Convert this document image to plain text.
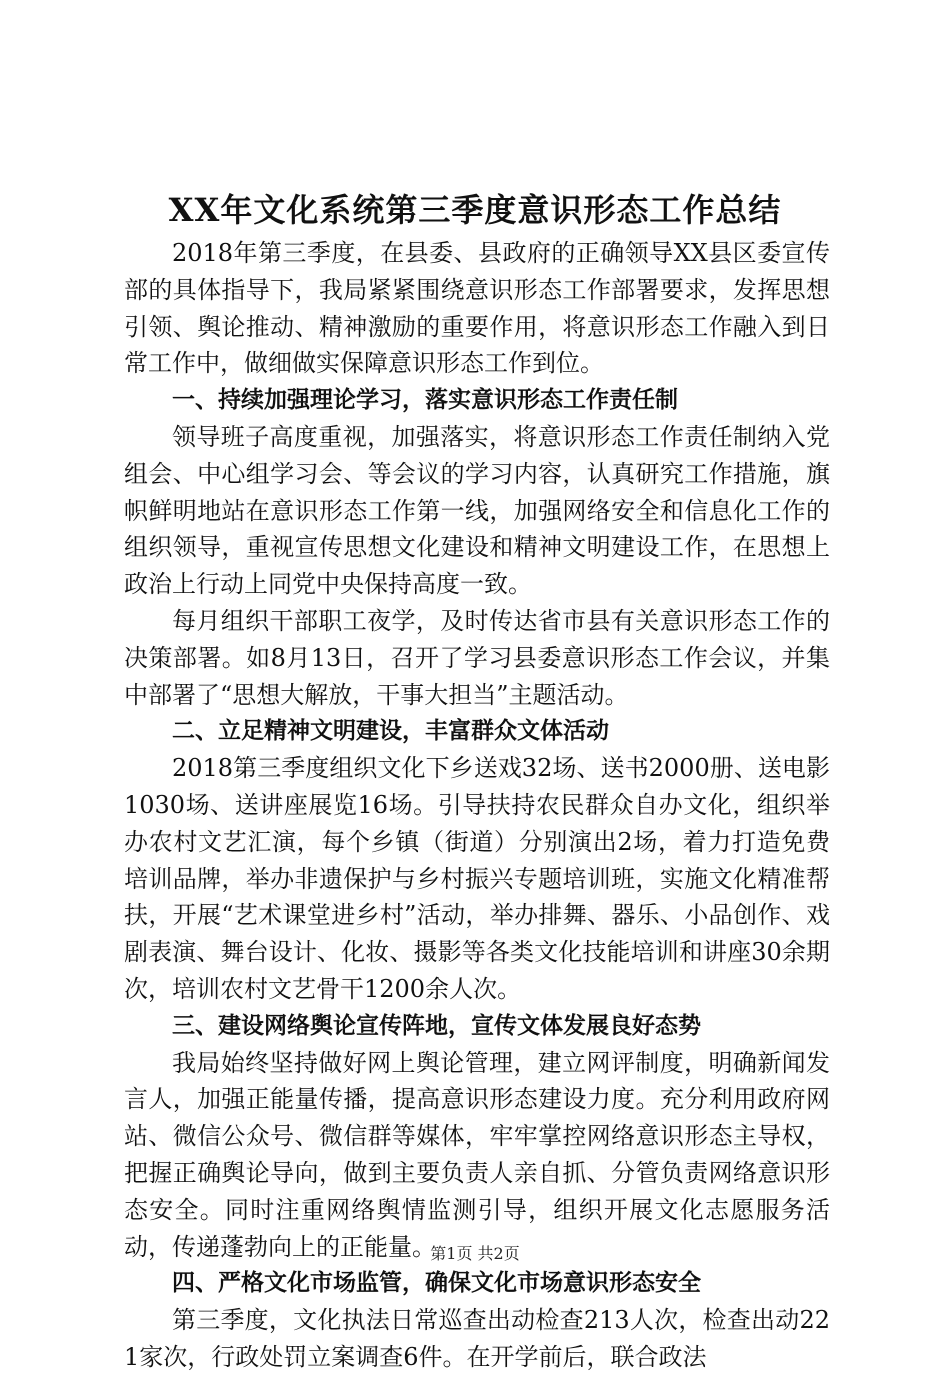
XX年文化系统第三季度意识形态工作总结

2018年第三季度，在县委、县政府的正确领导XX县区委宣传部的具体指导下，我局紧紧围绕意识形态工作部署要求，发挥思想引领、舆论推动、精神激励的重要作用，将意识形态工作融入到日常工作中，做细做实保障意识形态工作到位。

一、持续加强理论学习，落实意识形态工作责任制

领导班子高度重视，加强落实，将意识形态工作责任制纳入党组会、中心组学习会、等会议的学习内容，认真研究工作措施，旗帜鲜明地站在意识形态工作第一线，加强网络安全和信息化工作的组织领导，重视宣传思想文化建设和精神文明建设工作，在思想上政治上行动上同党中央保持高度一致。

每月组织干部职工夜学，及时传达省市县有关意识形态工作的决策部署。如8月13日，召开了学习县委意识形态工作会议，并集中部署了“思想大解放，干事大担当”主题活动。

二、立足精神文明建设，丰富群众文体活动

2018第三季度组织文化下乡送戏32场、送书2000册、送电影1030场、送讲座展览16场。引导扶持农民群众自办文化，组织举办农村文艺汇演，每个乡镇（街道）分别演出2场，着力打造免费培训品牌，举办非遗保护与乡村振兴专题培训班，实施文化精准帮扶，开展“艺术课堂进乡村”活动，举办排舞、器乐、小品创作、戏剧表演、舞台设计、化妆、摄影等各类文化技能培训和讲座30余期次，培训农村文艺骨干1200余人次。

三、建设网络舆论宣传阵地，宣传文体发展良好态势

我局始终坚持做好网上舆论管理，建立网评制度，明确新闻发言人，加强正能量传播，提高意识形态建设力度。充分利用政府网站、微信公众号、微信群等媒体，牢牢掌控网络意识形态主导权，把握正确舆论导向，做到主要负责人亲自抓、分管负责网络意识形态安全。同时注重网络舆情监测引导，组织开展文化志愿服务活动，传递蓬勃向上的正能量。

四、严格文化市场监管，确保文化市场意识形态安全

第三季度，文化执法日常巡查出动检查213人次，检查出动221家次，行政处罚立案调查6件。在开学前后，联合政法

第1页 共2页
